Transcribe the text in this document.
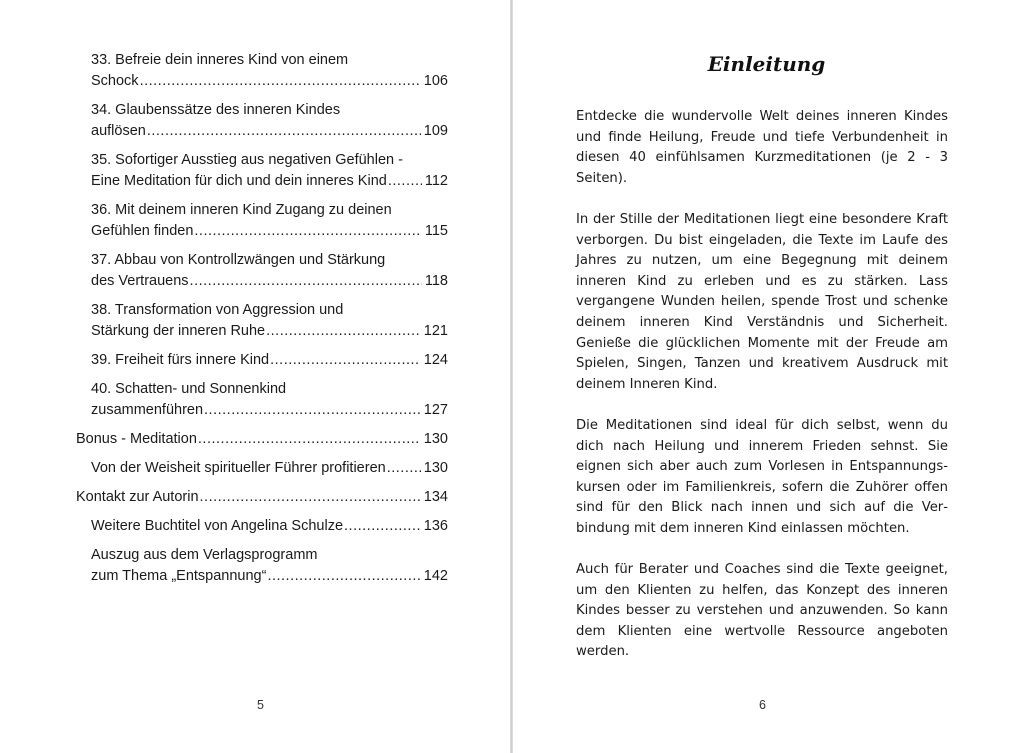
33. Befreie dein inneres Kind von einem
Schock .....	106
34. Glaubenssätze des inneren Kindes
auflösen .....	109
35. Sofortiger Ausstieg aus negativen Gefühlen -
Eine Meditation für dich und dein inneres Kind .....	112
36. Mit deinem inneren Kind Zugang zu deinen
Gefühlen finden .....	115
37. Abbau von Kontrollzwängen und Stärkung
des Vertrauens .....	118
38. Transformation von Aggression und
Stärkung der inneren Ruhe .....	121
39. Freiheit fürs innere Kind .....	124
40. Schatten- und Sonnenkind
zusammenführen .....	127
Bonus - Meditation .....	130
Von der Weisheit spiritueller Führer profitieren .....	130
Kontakt zur Autorin .....	134
Weitere Buchtitel von Angelina Schulze .....	136
Auszug aus dem Verlagsprogramm
zum Thema „Entspannung“ .....	142
5
Einleitung

Entdecke die wundervolle Welt deines inneren Kindes und finde Heilung, Freude und tiefe Verbundenheit in diesen 40 einfühlsamen Kurzmeditationen (je 2 - 3 Seiten).

In der Stille der Meditationen liegt eine besondere Kraft verborgen. Du bist eingeladen, die Texte im Laufe des Jahres zu nutzen, um eine Begegnung mit deinem inneren Kind zu erleben und es zu stärken. Lass vergangene Wunden heilen, spende Trost und schenke deinem inneren Kind Verständnis und Sicherheit. Genieße die glücklichen Momente mit der Freude am Spielen, Singen, Tanzen und kreativem Ausdruck mit deinem Inneren Kind.

Die Meditationen sind ideal für dich selbst, wenn du dich nach Heilung und innerem Frieden sehnst. Sie eignen sich aber auch zum Vorlesen in Entspannungskursen oder im Familienkreis, sofern die Zuhörer offen sind für den Blick nach innen und sich auf die Verbindung mit dem inneren Kind einlassen möchten.

Auch für Berater und Coaches sind die Texte geeignet, um den Klienten zu helfen, das Konzept des inneren Kindes besser zu verstehen und anzuwenden. So kann dem Klienten eine wertvolle Ressource angeboten werden.

6
